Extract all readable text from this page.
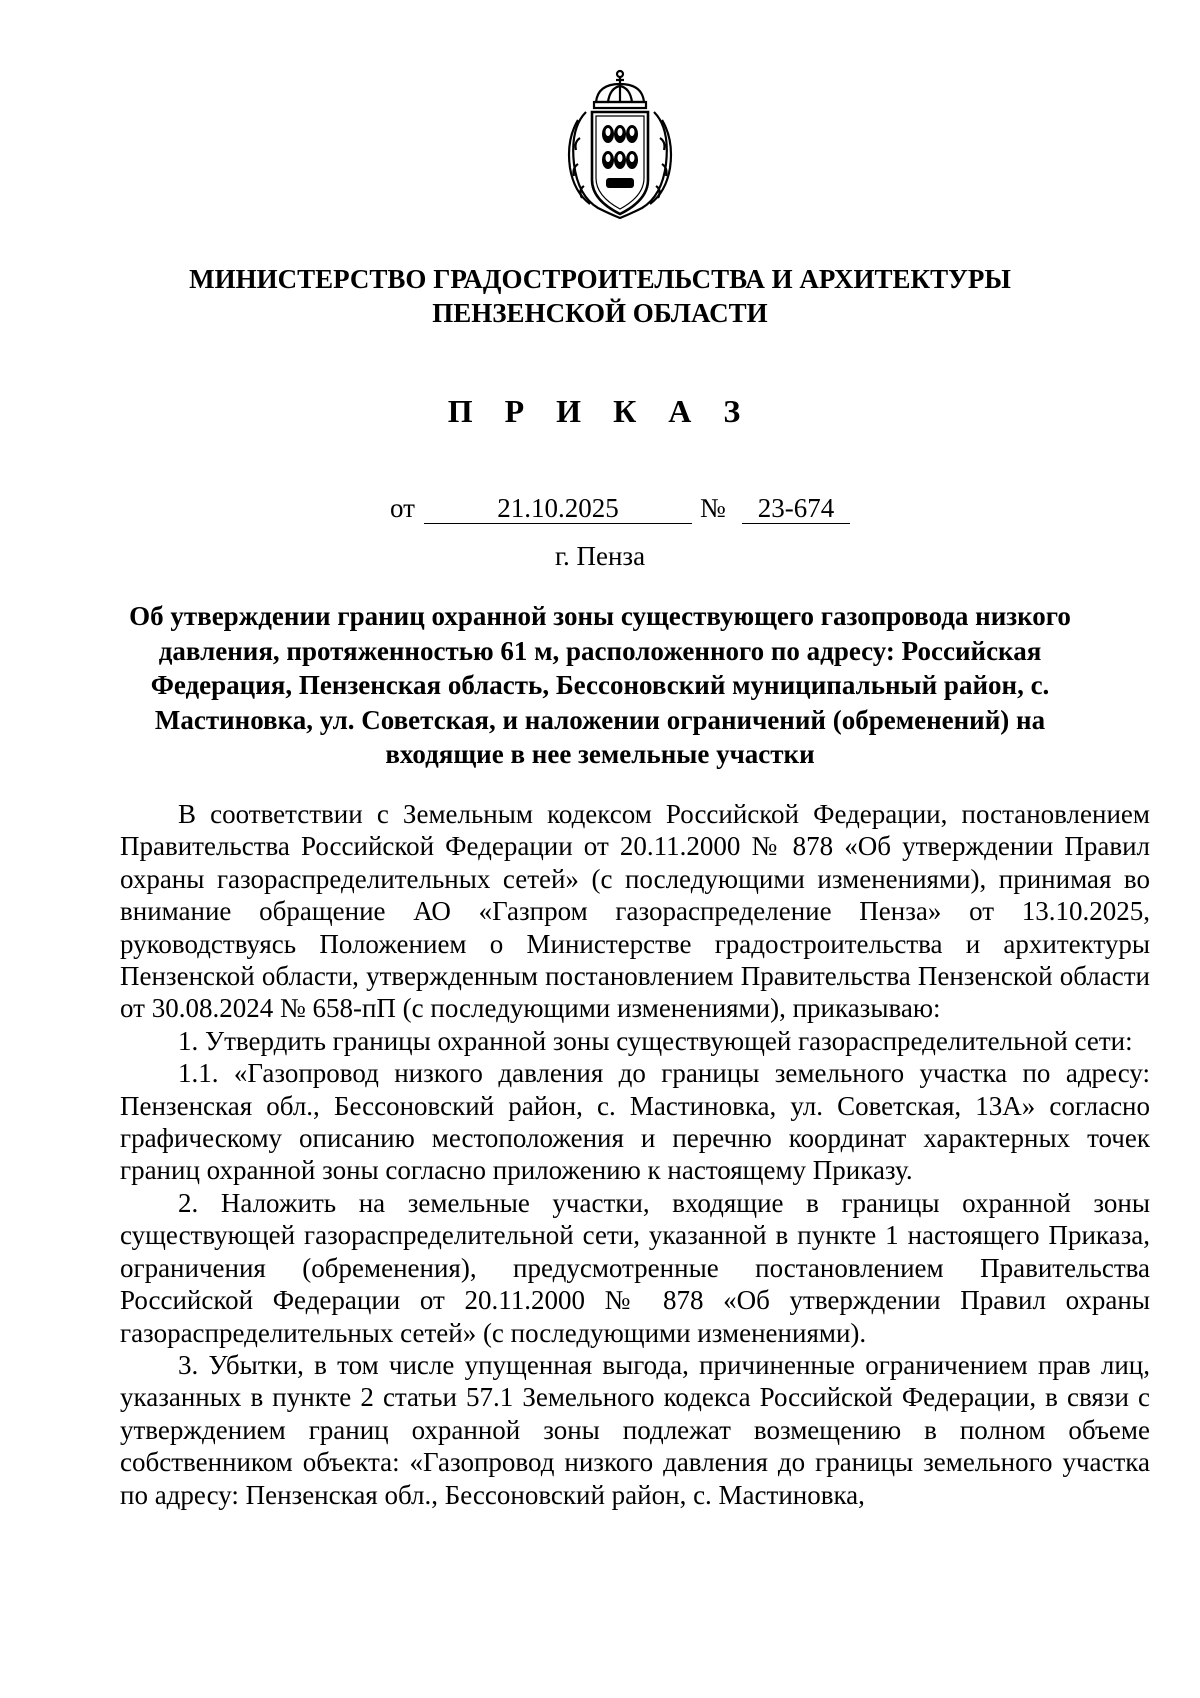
МИНИСТЕРСТВО ГРАДОСТРОИТЕЛЬСТВА И АРХИТЕКТУРЫ
ПЕНЗЕНСКОЙ ОБЛАСТИ
П Р И К А З
от	21.10.2025	№	23-674
г. Пенза
Об утверждении границ охранной зоны существующего газопровода низкого давления, протяженностью 61 м, расположенного по адресу: Российская Федерация, Пензенская область, Бессоновский муниципальный район, с. Мастиновка, ул. Советская, и наложении ограничений (обременений) на входящие в нее земельные участки

В соответствии с Земельным кодексом Российской Федерации, постановлением Правительства Российской Федерации от 20.11.2000 № 878 «Об утверждении Правил охраны газораспределительных сетей» (с последующими изменениями), принимая во внимание обращение АО «Газпром газораспределение Пенза» от 13.10.2025, руководствуясь Положением о Министерстве градостроительства и архитектуры Пензенской области, утвержденным постановлением Правительства Пензенской области от 30.08.2024 № 658-пП (с последующими изменениями), приказываю:

1. Утвердить границы охранной зоны существующей газораспределительной сети:

1.1. «Газопровод низкого давления до границы земельного участка по адресу: Пензенская обл., Бессоновский район, с. Мастиновка, ул. Советская, 13А» согласно графическому описанию местоположения и перечню координат характерных точек границ охранной зоны согласно приложению к настоящему Приказу.

2. Наложить на земельные участки, входящие в границы охранной зоны существующей газораспределительной сети, указанной в пункте 1 настоящего Приказа, ограничения (обременения), предусмотренные постановлением Правительства Российской Федерации от 20.11.2000 № 878 «Об утверждении Правил охраны газораспределительных сетей» (с последующими изменениями).

3. Убытки, в том числе упущенная выгода, причиненные ограничением прав лиц, указанных в пункте 2 статьи 57.1 Земельного кодекса Российской Федерации, в связи с утверждением границ охранной зоны подлежат возмещению в полном объеме собственником объекта: «Газопровод низкого давления до границы земельного участка по адресу: Пензенская обл., Бессоновский район, с. Мастиновка,
